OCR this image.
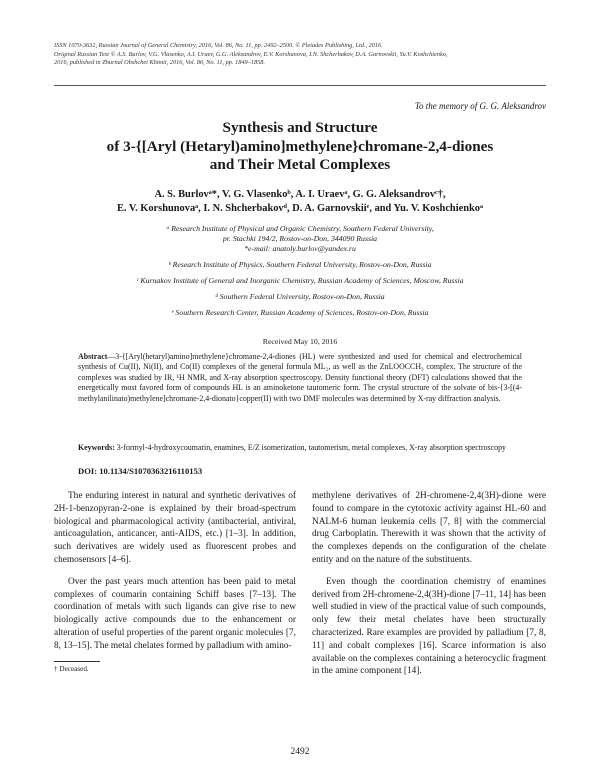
ISSN 1070-3632, Russian Journal of General Chemistry, 2016, Vol. 86, No. 11, pp. 2492–2500. © Pleiades Publishing, Ltd., 2016.
Original Russian Text © A.S. Burlov, V.G. Vlasenko, A.I. Uraev, G.G. Aleksandrov, E.V. Korshunova, I.N. Shcherbakov, D.A. Garnovskii, Yu.V. Koshchienko,
2016, published in Zhurnal Obshchei Khimii, 2016, Vol. 86, No. 11, pp. 1849–1858.
To the memory of G. G. Aleksandrov
Synthesis and Structure
of 3-{[Aryl (Hetaryl)amino]methylene}chromane-2,4-diones
and Their Metal Complexes
A. S. Burlovᵃ*, V. G. Vlasenkoᵇ, A. I. Uraevᵃ, G. G. Aleksandrovᶜ†,
E. V. Korshunovaᵃ, I. N. Shcherbakovᵈ, D. A. Garnovskiiᵉ, and Yu. V. Koshchienkoᵃ

ᵃ Research Institute of Physical and Organic Chemistry, Southern Federal University,

pr. Stachki 194/2, Rostov-on-Don, 344090 Russia

*e-mail: anatoly.burlov@yandex.ru

ᵇ Research Institute of Physics, Southern Federal University, Rostov-on-Don, Russia

ᶜ Kurnakov Institute of General and Inorganic Chemistry, Russian Academy of Sciences, Moscow, Russia

ᵈ Southern Federal University, Rostov-on-Don, Russia

ᵉ Southern Research Center, Russian Academy of Sciences, Rostov-on-Don, Russia

Received May 10, 2016
Abstract—3-{[Aryl(hetaryl)amino]methylene}chromane-2,4-diones (HL) were synthesized and used for chemical and electrochemical synthesis of Cu(II), Ni(II), and Co(II) complexes of the general formula ML₂, as well as the ZnLOOCCH₃ complex. The structure of the complexes was studied by IR, ¹H NMR, and X-ray absorption spectroscopy. Density functional theory (DFT) calculations showed that the energetically most favored form of compounds HL is an aminoketone tautomeric form. The crystal structure of the solvate of bis-{3-[(4-methylanilinato)methylene]chromane-2,4-dionato}copper(II) with two DMF molecules was determined by X-ray diffraction analysis.
Keywords: 3-formyl-4-hydroxycoumarin, enamines, E/Z isomerization, tautomerism, metal complexes, X-ray absorption spectroscopy
DOI: 10.1134/S1070363216110153

The enduring interest in natural and synthetic derivatives of 2H-1-benzopyran-2-one is explained by their broad-spectrum biological and pharmacological activity (antibacterial, antiviral, anticoagulation, anticancer, anti-AIDS, etc.) [1–3]. In addition, such derivatives are widely used as fluorescent probes and chemosensors [4–6].

Over the past years much attention has been paid to metal complexes of coumarin containing Schiff bases [7–13]. The coordination of metals with such ligands can give rise to new biologically active compounds due to the enhancement or alteration of useful properties of the parent organic molecules [7, 8, 13–15]. The metal chelates formed by palladium with amino-

methylene derivatives of 2H-chromene-2,4(3H)-dione were found to compare in the cytotoxic activity against HL-60 and NALM-6 human leukemia cells [7, 8] with the commercial drug Carboplatin. Therewith it was shown that the activity of the complexes depends on the configuration of the chelate entity and on the nature of the substituents.

Even though the coordination chemistry of enamines derived from 2H-chromene-2,4(3H)-dione [7–11, 14] has been well studied in view of the practical value of such compounds, only few their metal chelates have been structurally characterized. Rare examples are provided by palladium [7, 8, 11] and cobalt complexes [16]. Scarce information is also available on the complexes containing a heterocyclic fragment in the amine component [14].

† Deceased.
2492
